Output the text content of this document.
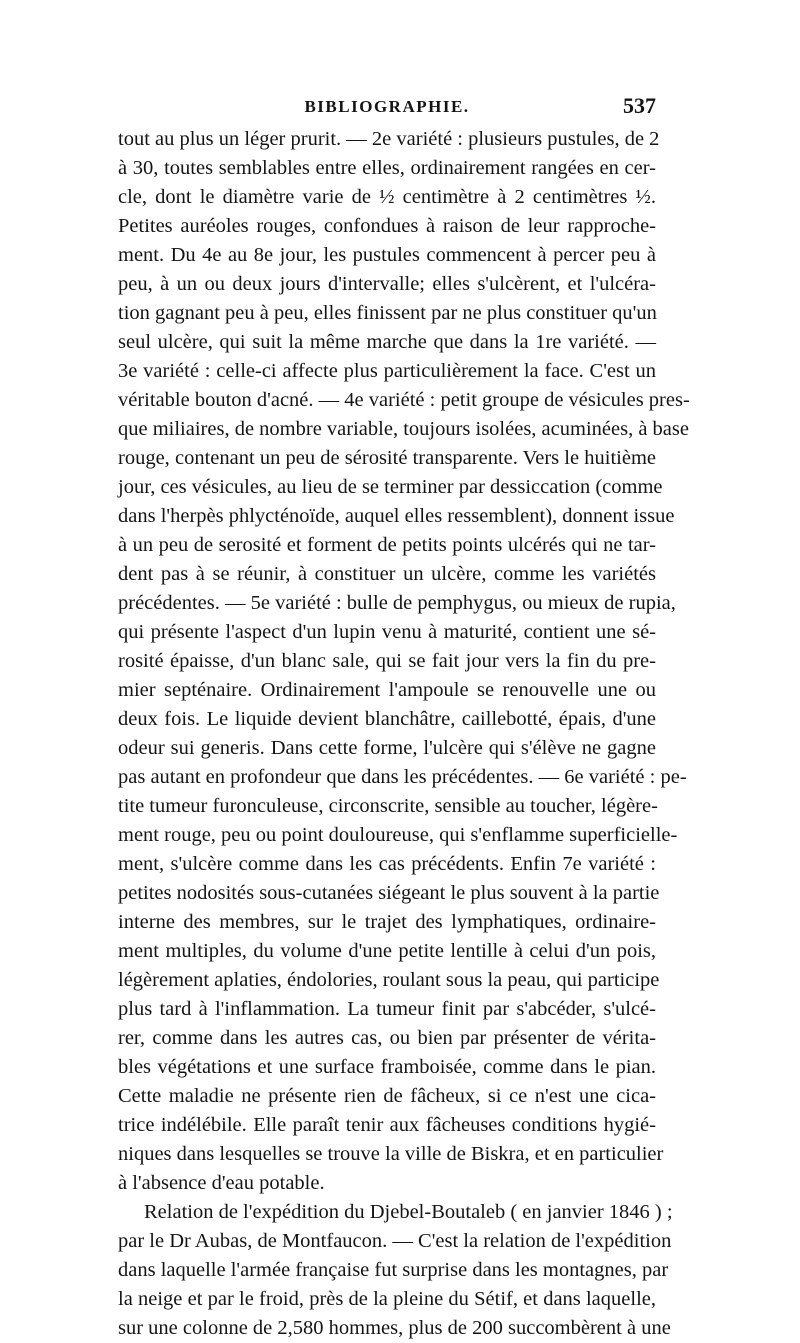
BIBLIOGRAPHIE.	537
tout au plus un léger prurit. — 2e variété : plusieurs pustules, de 2
à 30, toutes semblables entre elles, ordinairement rangées en cer-
cle, dont le diamètre varie de ½ centimètre à 2 centimètres ½.
Petites auréoles rouges, confondues à raison de leur rapproche-
ment. Du 4e au 8e jour, les pustules commencent à percer peu à
peu, à un ou deux jours d'intervalle; elles s'ulcèrent, et l'ulcéra-
tion gagnant peu à peu, elles finissent par ne plus constituer qu'un
seul ulcère, qui suit la même marche que dans la 1re variété. —
3e variété : celle-ci affecte plus particulièrement la face. C'est un
véritable bouton d'acné. — 4e variété : petit groupe de vésicules pres-
que miliaires, de nombre variable, toujours isolées, acuminées, à base
rouge, contenant un peu de sérosité transparente. Vers le huitième
jour, ces vésicules, au lieu de se terminer par dessiccation (comme
dans l'herpès phlycténoïde, auquel elles ressemblent), donnent issue
à un peu de serosité et forment de petits points ulcérés qui ne tar-
dent pas à se réunir, à constituer un ulcère, comme les variétés
précédentes. — 5e variété : bulle de pemphygus, ou mieux de rupia,
qui présente l'aspect d'un lupin venu à maturité, contient une sé-
rosité épaisse, d'un blanc sale, qui se fait jour vers la fin du pre-
mier septénaire. Ordinairement l'ampoule se renouvelle une ou
deux fois. Le liquide devient blanchâtre, caillebotté, épais, d'une
odeur sui generis. Dans cette forme, l'ulcère qui s'élève ne gagne
pas autant en profondeur que dans les précédentes. — 6e variété : pe-
tite tumeur furonculeuse, circonscrite, sensible au toucher, légère-
ment rouge, peu ou point douloureuse, qui s'enflamme superficielle-
ment, s'ulcère comme dans les cas précédents. Enfin 7e variété :
petites nodosités sous-cutanées siégeant le plus souvent à la partie
interne des membres, sur le trajet des lymphatiques, ordinaire-
ment multiples, du volume d'une petite lentille à celui d'un pois,
légèrement aplaties, éndolories, roulant sous la peau, qui participe
plus tard à l'inflammation. La tumeur finit par s'abcéder, s'ulcé-
rer, comme dans les autres cas, ou bien par présenter de vérita-
bles végétations et une surface framboisée, comme dans le pian.
Cette maladie ne présente rien de fâcheux, si ce n'est une cica-
trice indélébile. Elle paraît tenir aux fâcheuses conditions hygié-
niques dans lesquelles se trouve la ville de Biskra, et en particulier
à l'absence d'eau potable.
Relation de l'expédition du Djebel-Boutaleb ( en janvier 1846 ) ;
par le Dr Aubas, de Montfaucon. — C'est la relation de l'expédition
dans laquelle l'armée française fut surprise dans les montagnes, par
la neige et par le froid, près de la pleine du Sétif, et dans laquelle,
sur une colonne de 2,580 hommes, plus de 200 succombèrent à une
